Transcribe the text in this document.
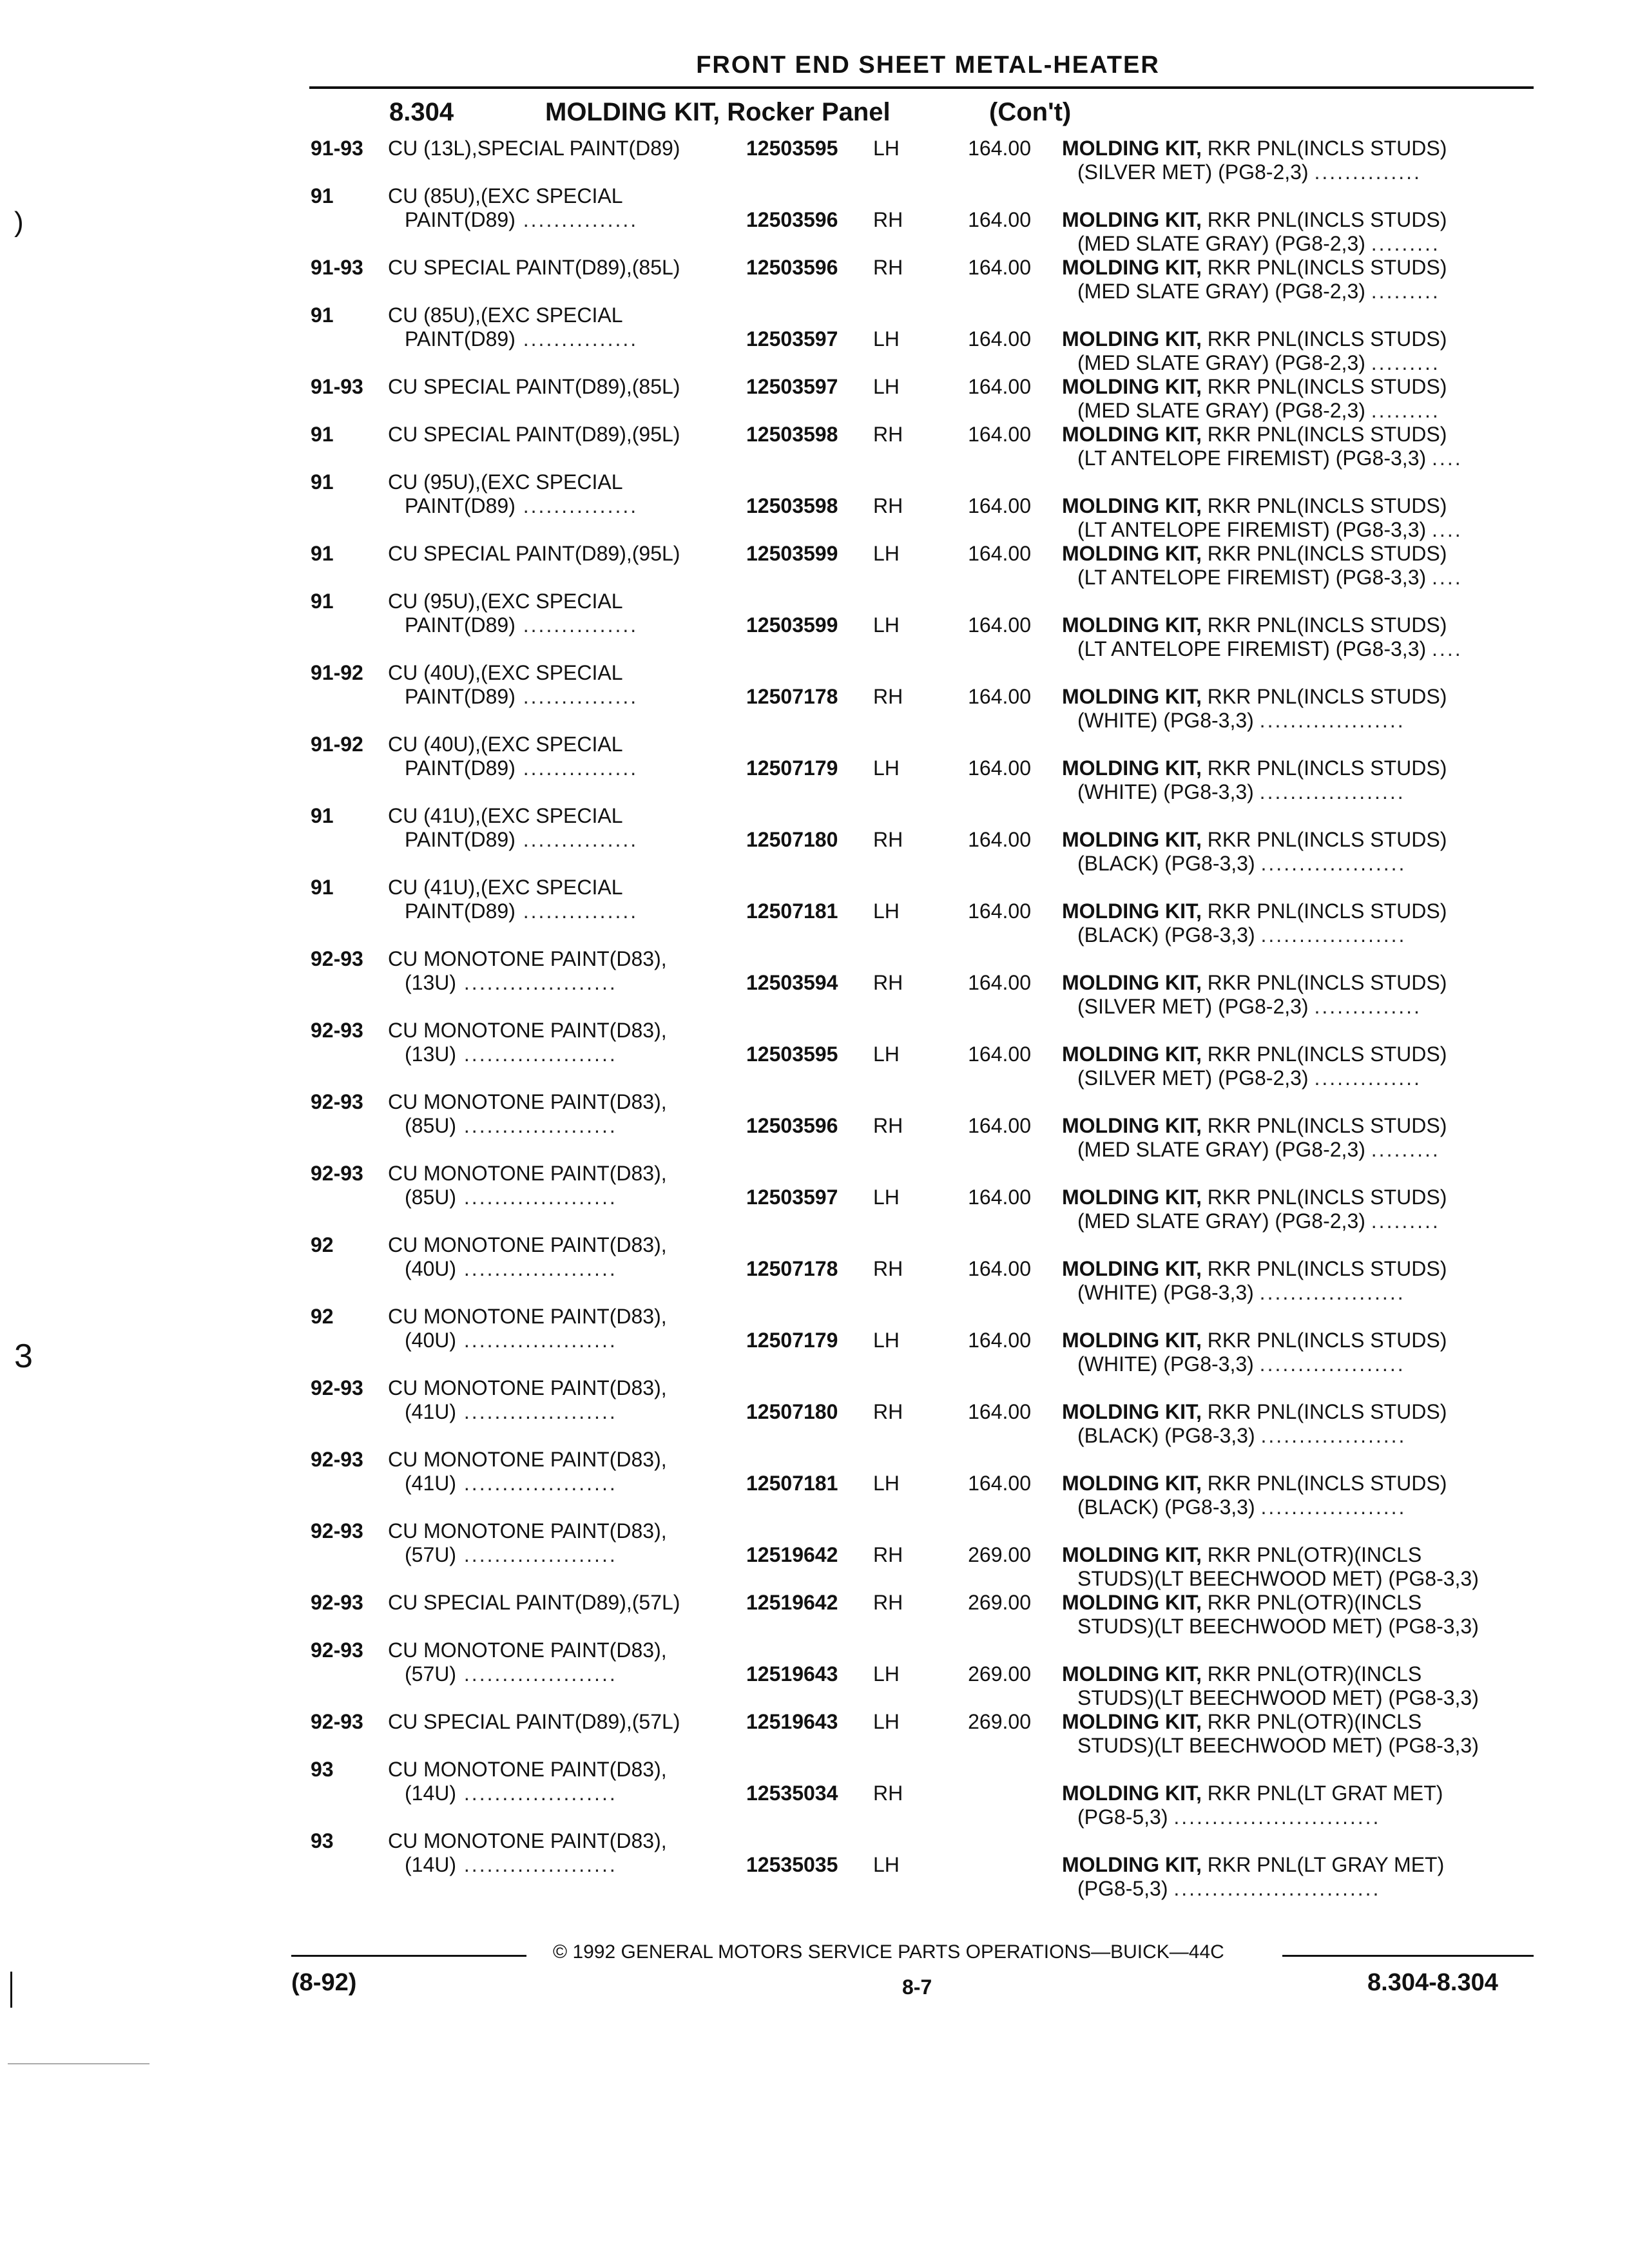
FRONT END SHEET METAL-HEATER
8.304	MOLDING KIT, Rocker Panel	(Con't)
91-93 CU (13L),SPECIAL PAINT(D89)	12503595 LH	164.00 MOLDING KIT, RKR PNL(INCLS STUDS)
(SILVER MET) (PG8-2,3) ..............
91	CU (85U),(EXC SPECIAL
PAINT(D89) ...............	12503596 RH	164.00 MOLDING KIT, RKR PNL(INCLS STUDS)
(MED SLATE GRAY) (PG8-2,3) .........
91-93 CU SPECIAL PAINT(D89),(85L)	12503596 RH	164.00 MOLDING KIT, RKR PNL(INCLS STUDS)
(MED SLATE GRAY) (PG8-2,3) .........
91	CU (85U),(EXC SPECIAL
PAINT(D89) ...............	12503597 LH	164.00 MOLDING KIT, RKR PNL(INCLS STUDS)
(MED SLATE GRAY) (PG8-2,3) .........
91-93 CU SPECIAL PAINT(D89),(85L)	12503597 LH	164.00 MOLDING KIT, RKR PNL(INCLS STUDS)
(MED SLATE GRAY) (PG8-2,3) .........
91	CU SPECIAL PAINT(D89),(95L)	12503598 RH	164.00 MOLDING KIT, RKR PNL(INCLS STUDS)
(LT ANTELOPE FIREMIST) (PG8-3,3) ....
91	CU (95U),(EXC SPECIAL
PAINT(D89) ...............	12503598 RH	164.00 MOLDING KIT, RKR PNL(INCLS STUDS)
(LT ANTELOPE FIREMIST) (PG8-3,3) ....
91	CU SPECIAL PAINT(D89),(95L)	12503599 LH	164.00 MOLDING KIT, RKR PNL(INCLS STUDS)
(LT ANTELOPE FIREMIST) (PG8-3,3) ....
91	CU (95U),(EXC SPECIAL
PAINT(D89) ...............	12503599 LH	164.00 MOLDING KIT, RKR PNL(INCLS STUDS)
(LT ANTELOPE FIREMIST) (PG8-3,3) ....
91-92 CU (40U),(EXC SPECIAL
PAINT(D89) ...............	12507178 RH	164.00 MOLDING KIT, RKR PNL(INCLS STUDS)
(WHITE) (PG8-3,3) ...................
91-92 CU (40U),(EXC SPECIAL
PAINT(D89) ...............	12507179 LH	164.00 MOLDING KIT, RKR PNL(INCLS STUDS)
(WHITE) (PG8-3,3) ...................
91	CU (41U),(EXC SPECIAL
PAINT(D89) ...............	12507180 RH	164.00 MOLDING KIT, RKR PNL(INCLS STUDS)
(BLACK) (PG8-3,3) ...................
91	CU (41U),(EXC SPECIAL
PAINT(D89) ...............	12507181 LH	164.00 MOLDING KIT, RKR PNL(INCLS STUDS)
(BLACK) (PG8-3,3) ...................
92-93 CU MONOTONE PAINT(D83),
(13U) ....................	12503594 RH	164.00 MOLDING KIT, RKR PNL(INCLS STUDS)
(SILVER MET) (PG8-2,3) ..............
92-93 CU MONOTONE PAINT(D83),
(13U) ....................	12503595 LH	164.00 MOLDING KIT, RKR PNL(INCLS STUDS)
(SILVER MET) (PG8-2,3) ..............
92-93 CU MONOTONE PAINT(D83),
(85U) ....................	12503596 RH	164.00 MOLDING KIT, RKR PNL(INCLS STUDS)
(MED SLATE GRAY) (PG8-2,3) .........
92-93 CU MONOTONE PAINT(D83),
(85U) ....................	12503597 LH	164.00 MOLDING KIT, RKR PNL(INCLS STUDS)
(MED SLATE GRAY) (PG8-2,3) .........
92	CU MONOTONE PAINT(D83),
(40U) ....................	12507178 RH	164.00 MOLDING KIT, RKR PNL(INCLS STUDS)
(WHITE) (PG8-3,3) ...................
92	CU MONOTONE PAINT(D83),
(40U) ....................	12507179 LH	164.00 MOLDING KIT, RKR PNL(INCLS STUDS)
(WHITE) (PG8-3,3) ...................
92-93 CU MONOTONE PAINT(D83),
(41U) ....................	12507180 RH	164.00 MOLDING KIT, RKR PNL(INCLS STUDS)
(BLACK) (PG8-3,3) ...................
92-93 CU MONOTONE PAINT(D83),
(41U) ....................	12507181 LH	164.00 MOLDING KIT, RKR PNL(INCLS STUDS)
(BLACK) (PG8-3,3) ...................
92-93 CU MONOTONE PAINT(D83),
(57U) ....................	12519642 RH	269.00 MOLDING KIT, RKR PNL(OTR)(INCLS
STUDS)(LT BEECHWOOD MET) (PG8-3,3)
92-93 CU SPECIAL PAINT(D89),(57L)	12519642 RH	269.00 MOLDING KIT, RKR PNL(OTR)(INCLS
STUDS)(LT BEECHWOOD MET) (PG8-3,3)
92-93 CU MONOTONE PAINT(D83),
(57U) ....................	12519643 LH	269.00 MOLDING KIT, RKR PNL(OTR)(INCLS
STUDS)(LT BEECHWOOD MET) (PG8-3,3)
92-93 CU SPECIAL PAINT(D89),(57L)	12519643 LH	269.00 MOLDING KIT, RKR PNL(OTR)(INCLS
STUDS)(LT BEECHWOOD MET) (PG8-3,3)
93	CU MONOTONE PAINT(D83),
(14U) ....................	12535034 RH	MOLDING KIT, RKR PNL(LT GRAT MET)
(PG8-5,3) ...........................
93	CU MONOTONE PAINT(D83),
(14U) ....................	12535035 LH	MOLDING KIT, RKR PNL(LT GRAY MET)
(PG8-5,3) ...........................
© 1992 GENERAL MOTORS SERVICE PARTS OPERATIONS—BUICK—44C
(8-92)	8-7	8.304-8.304
)
3
